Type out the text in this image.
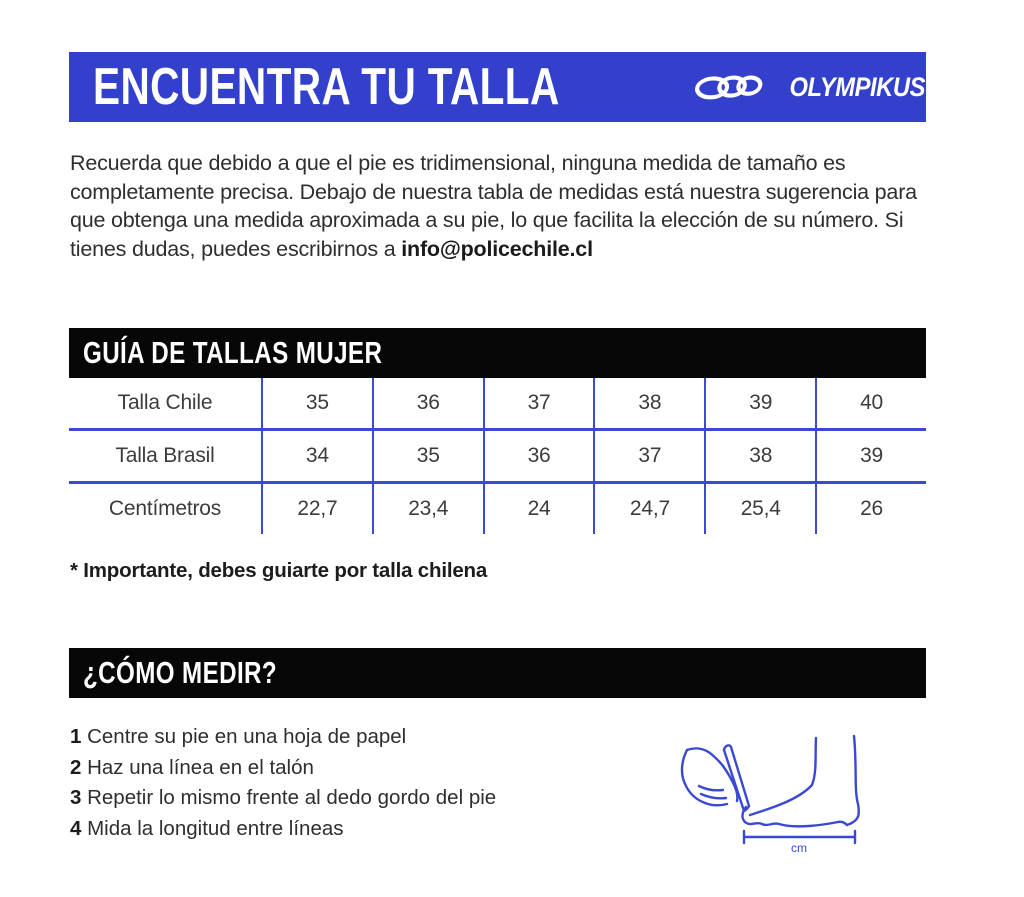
ENCUENTRA TU TALLA	OLYMPIKUS

Recuerda que debido a que el pie es tridimensional, ninguna medida de tamaño es completamente precisa. Debajo de nuestra tabla de medidas está nuestra sugerencia para que obtenga una medida aproximada a su pie, lo que facilita la elección de su número. Si tienes dudas, puedes escribirnos a info@policechile.cl

GUÍA DE TALLAS MUJER
Talla Chile	35	36	37	38	39	40
Talla Brasil	34	35	36	37	38	39
Centímetros	22,7	23,4	24	24,7	25,4	26

* Importante, debes guiarte por talla chilena

¿CÓMO MEDIR?
1 Centre su pie en una hoja de papel
2 Haz una línea en el talón
3 Repetir lo mismo frente al dedo gordo del pie
4 Mida la longitud entre líneas
cm
